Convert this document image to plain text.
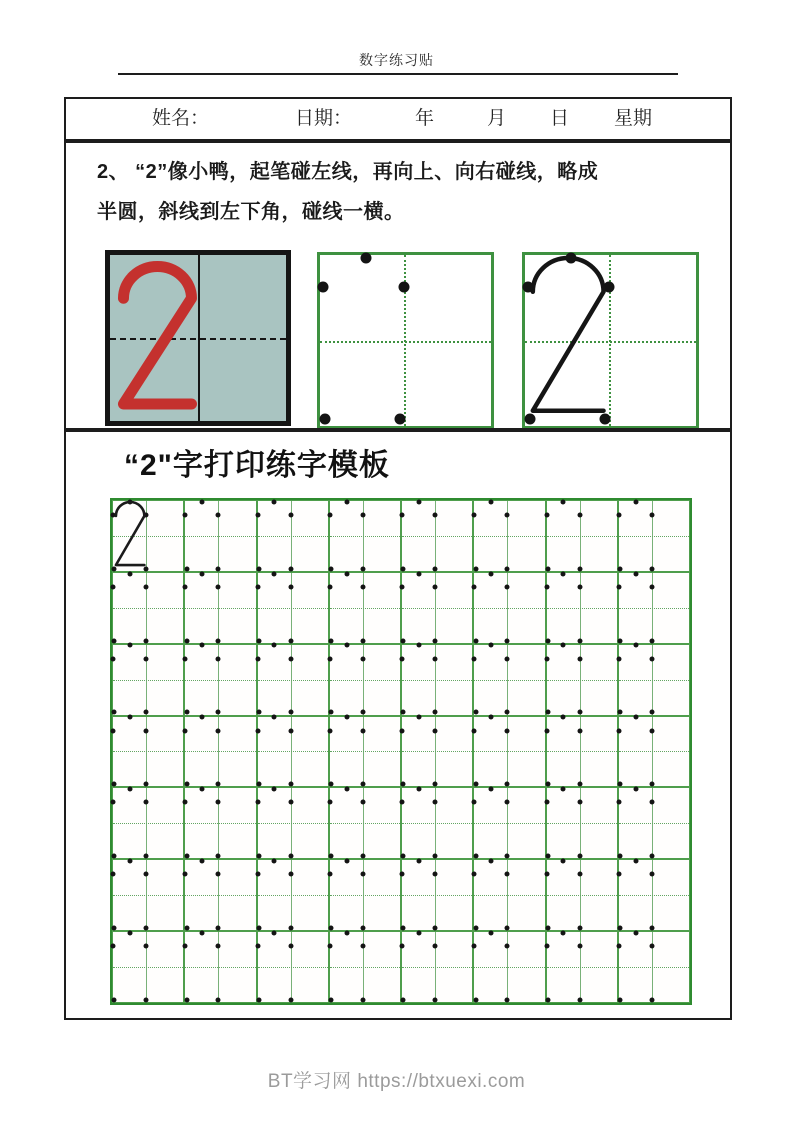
数字练习贴
姓名：	日期：	年	月 日 星期
2、 “2”像小鸭，起笔碰左线，再向上、向右碰线，略成
半圆，斜线到左下角，碰线一横。
“2"字打印练字模板
BT学习网 https://btxuexi.com
